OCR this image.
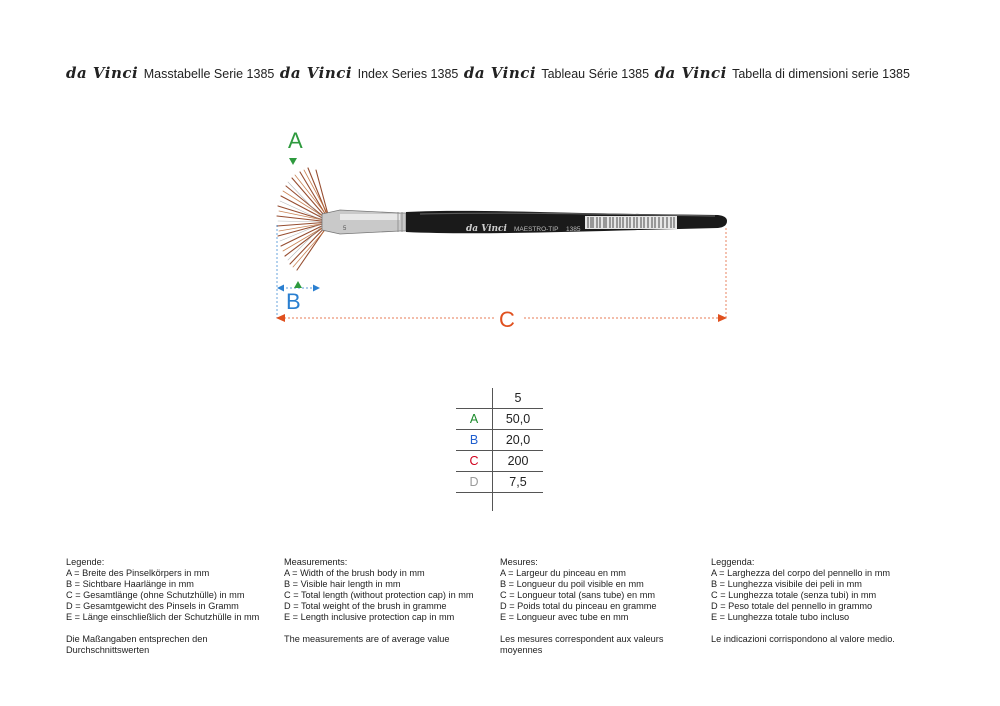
da Vinci Masstabelle Serie 1385 da Vinci Index Series 1385 da Vinci Tableau Série 1385 da Vinci Tabella di dimensioni serie 1385
A
5	da Vinci MAESTRO-TIP 1385
B
C
	5
A	50,0
B	20,0
C	200
D	7,5

Legende:
A = Breite des Pinselkörpers in mm
B = Sichtbare Haarlänge in mm
C = Gesamtlänge (ohne Schutzhülle) in mm
D = Gesamtgewicht des Pinsels in Gramm
E = Länge einschließlich der Schutzhülle in mm
Die Maßangaben entsprechen den
Durchschnittswerten
Measurements:
A = Width of the brush body in mm
B = Visible hair length in mm
C = Total length (without protection cap) in mm
D = Total weight of the brush in gramme
E = Length inclusive protection cap in mm
The measurements are of average value
Mesures:
A = Largeur du pinceau en mm
B = Longueur du poil visible en mm
C = Longueur total (sans tube) en mm
D = Poids total du pinceau en gramme
E = Longueur avec tube en mm
Les mesures correspondent aux valeurs
moyennes
Leggenda:
A = Larghezza del corpo del pennello in mm
B = Lunghezza visibile dei peli in mm
C = Lunghezza totale (senza tubi) in mm
D = Peso totale del pennello in grammo
E = Lunghezza totale tubo incluso
Le indicazioni corrispondono al valore medio.
